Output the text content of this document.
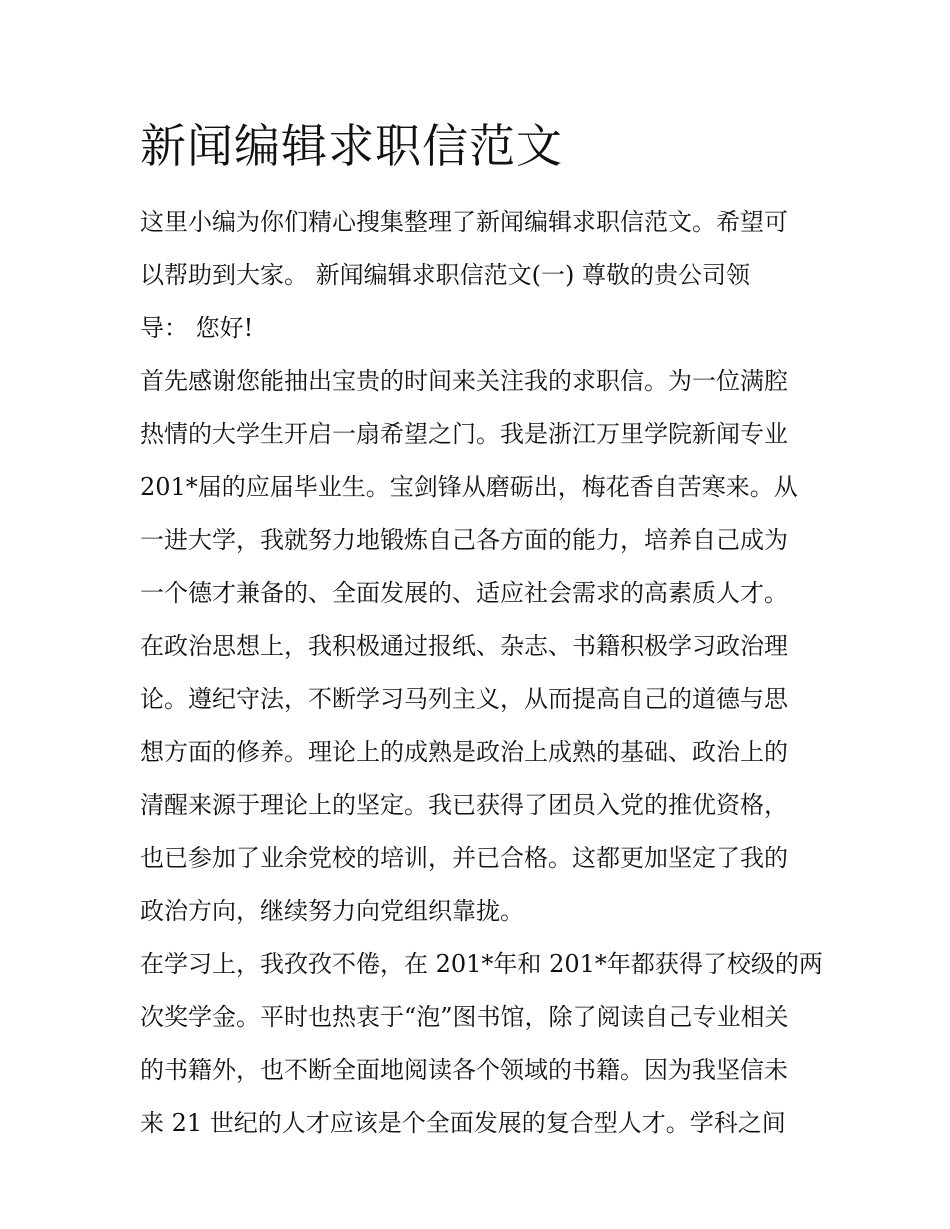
新闻编辑求职信范文
这里小编为你们精心搜集整理了新闻编辑求职信范文。希望可
以帮助到大家。 新闻编辑求职信范文(一) 尊敬的贵公司领
导： 您好!
首先感谢您能抽出宝贵的时间来关注我的求职信。为一位满腔
热情的大学生开启一扇希望之门。我是浙江万里学院新闻专业
201*届的应届毕业生。宝剑锋从磨砺出，梅花香自苦寒来。从
一进大学，我就努力地锻炼自己各方面的能力，培养自己成为
一个德才兼备的、全面发展的、适应社会需求的高素质人才。
在政治思想上，我积极通过报纸、杂志、书籍积极学习政治理
论。遵纪守法，不断学习马列主义，从而提高自己的道德与思
想方面的修养。理论上的成熟是政治上成熟的基础、政治上的
清醒来源于理论上的坚定。我已获得了团员入党的推优资格，
也已参加了业余党校的培训，并已合格。这都更加坚定了我的
政治方向，继续努力向党组织靠拢。
在学习上，我孜孜不倦，在 201*年和 201*年都获得了校级的两
次奖学金。平时也热衷于“泡”图书馆，除了阅读自己专业相关
的书籍外，也不断全面地阅读各个领域的书籍。因为我坚信未
来 21 世纪的人才应该是个全面发展的复合型人才。学科之间
